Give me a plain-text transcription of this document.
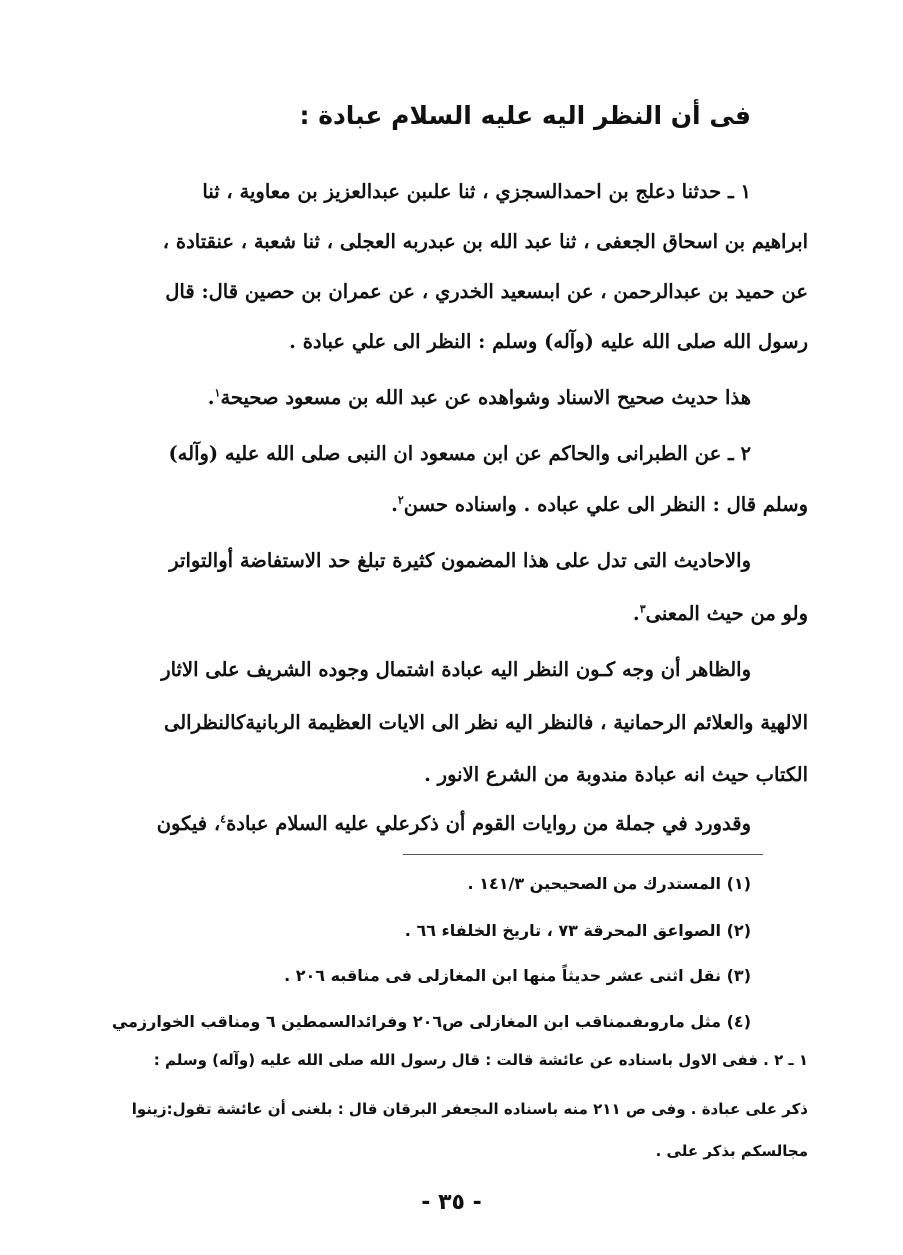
فى أن النظر اليه عليه السلام عبادة :
١ ـ حدثنا دعلج بن احمدالسجزي ، ثنا علىبن عبدالعزيز بن معاوية ، ثنا
ابراهيم بن اسحاق الجعفى ، ثنا عبد الله بن عبدربه العجلى ، ثنا شعبة ، عنقتادة ،
عن حميد بن عبدالرحمن ، عن ابىسعيد الخدري ، عن عمران بن حصين قال: قال
رسول الله صلى الله عليه (وآله) وسلم : النظر الى علي عبادة .
هذا حديث صحيح الاسناد وشواهده عن عبد الله بن مسعود صحيحة$^١$.
٢ ـ عن الطبرانى والحاكم عن ابن مسعود ان النبى صلى الله عليه (وآله)
وسلم قال : النظر الى علي عباده . واسناده حسن$^٢$.
والاحاديث التى تدل على هذا المضمون كثيرة تبلغ حد الاستفاضة أوالتواتر
ولو من حيث المعنى$^٣$.
والظاهر أن وجه كـون النظر اليه عبادة اشتمال وجوده الشريف على الاثار
الالهية والعلائم الرحمانية ، فالنظر اليه نظر الى الايات العظيمة الربانيةكالنظرالى
الكتاب حيث انه عبادة مندوبة من الشرع الانور .
وقدورد في جملة من روايات القوم أن ذكرعلي عليه السلام عبادة$^٤$، فيكون
(١) المستدرك من الصحيحين ١٤١/٣ .
(٢) الصواعق المحرقة ٧٣ ، تاريخ الخلفاء ٦٦ .
(٣) نقل اثنى عشر حديثاً منها ابن المغازلى فى مناقبه ٢٠٦ .
(٤) مثل ماروىفىمناقب ابن المغازلى ص٢٠٦ وفرائدالسمطين ٦ ومناقب الخوارزمي
١ ـ ٢ . ففى الاول باسناده عن عائشة قالت : قال رسول الله صلى الله عليه (وآله) وسلم :
ذكر على عبادة . وفى ص ٢١١ منه باسناده الىجعفر البرقان قال : بلغنى أن عائشة تقول:زينوا
مجالسكم بذكر على .
- ٣٥ -
